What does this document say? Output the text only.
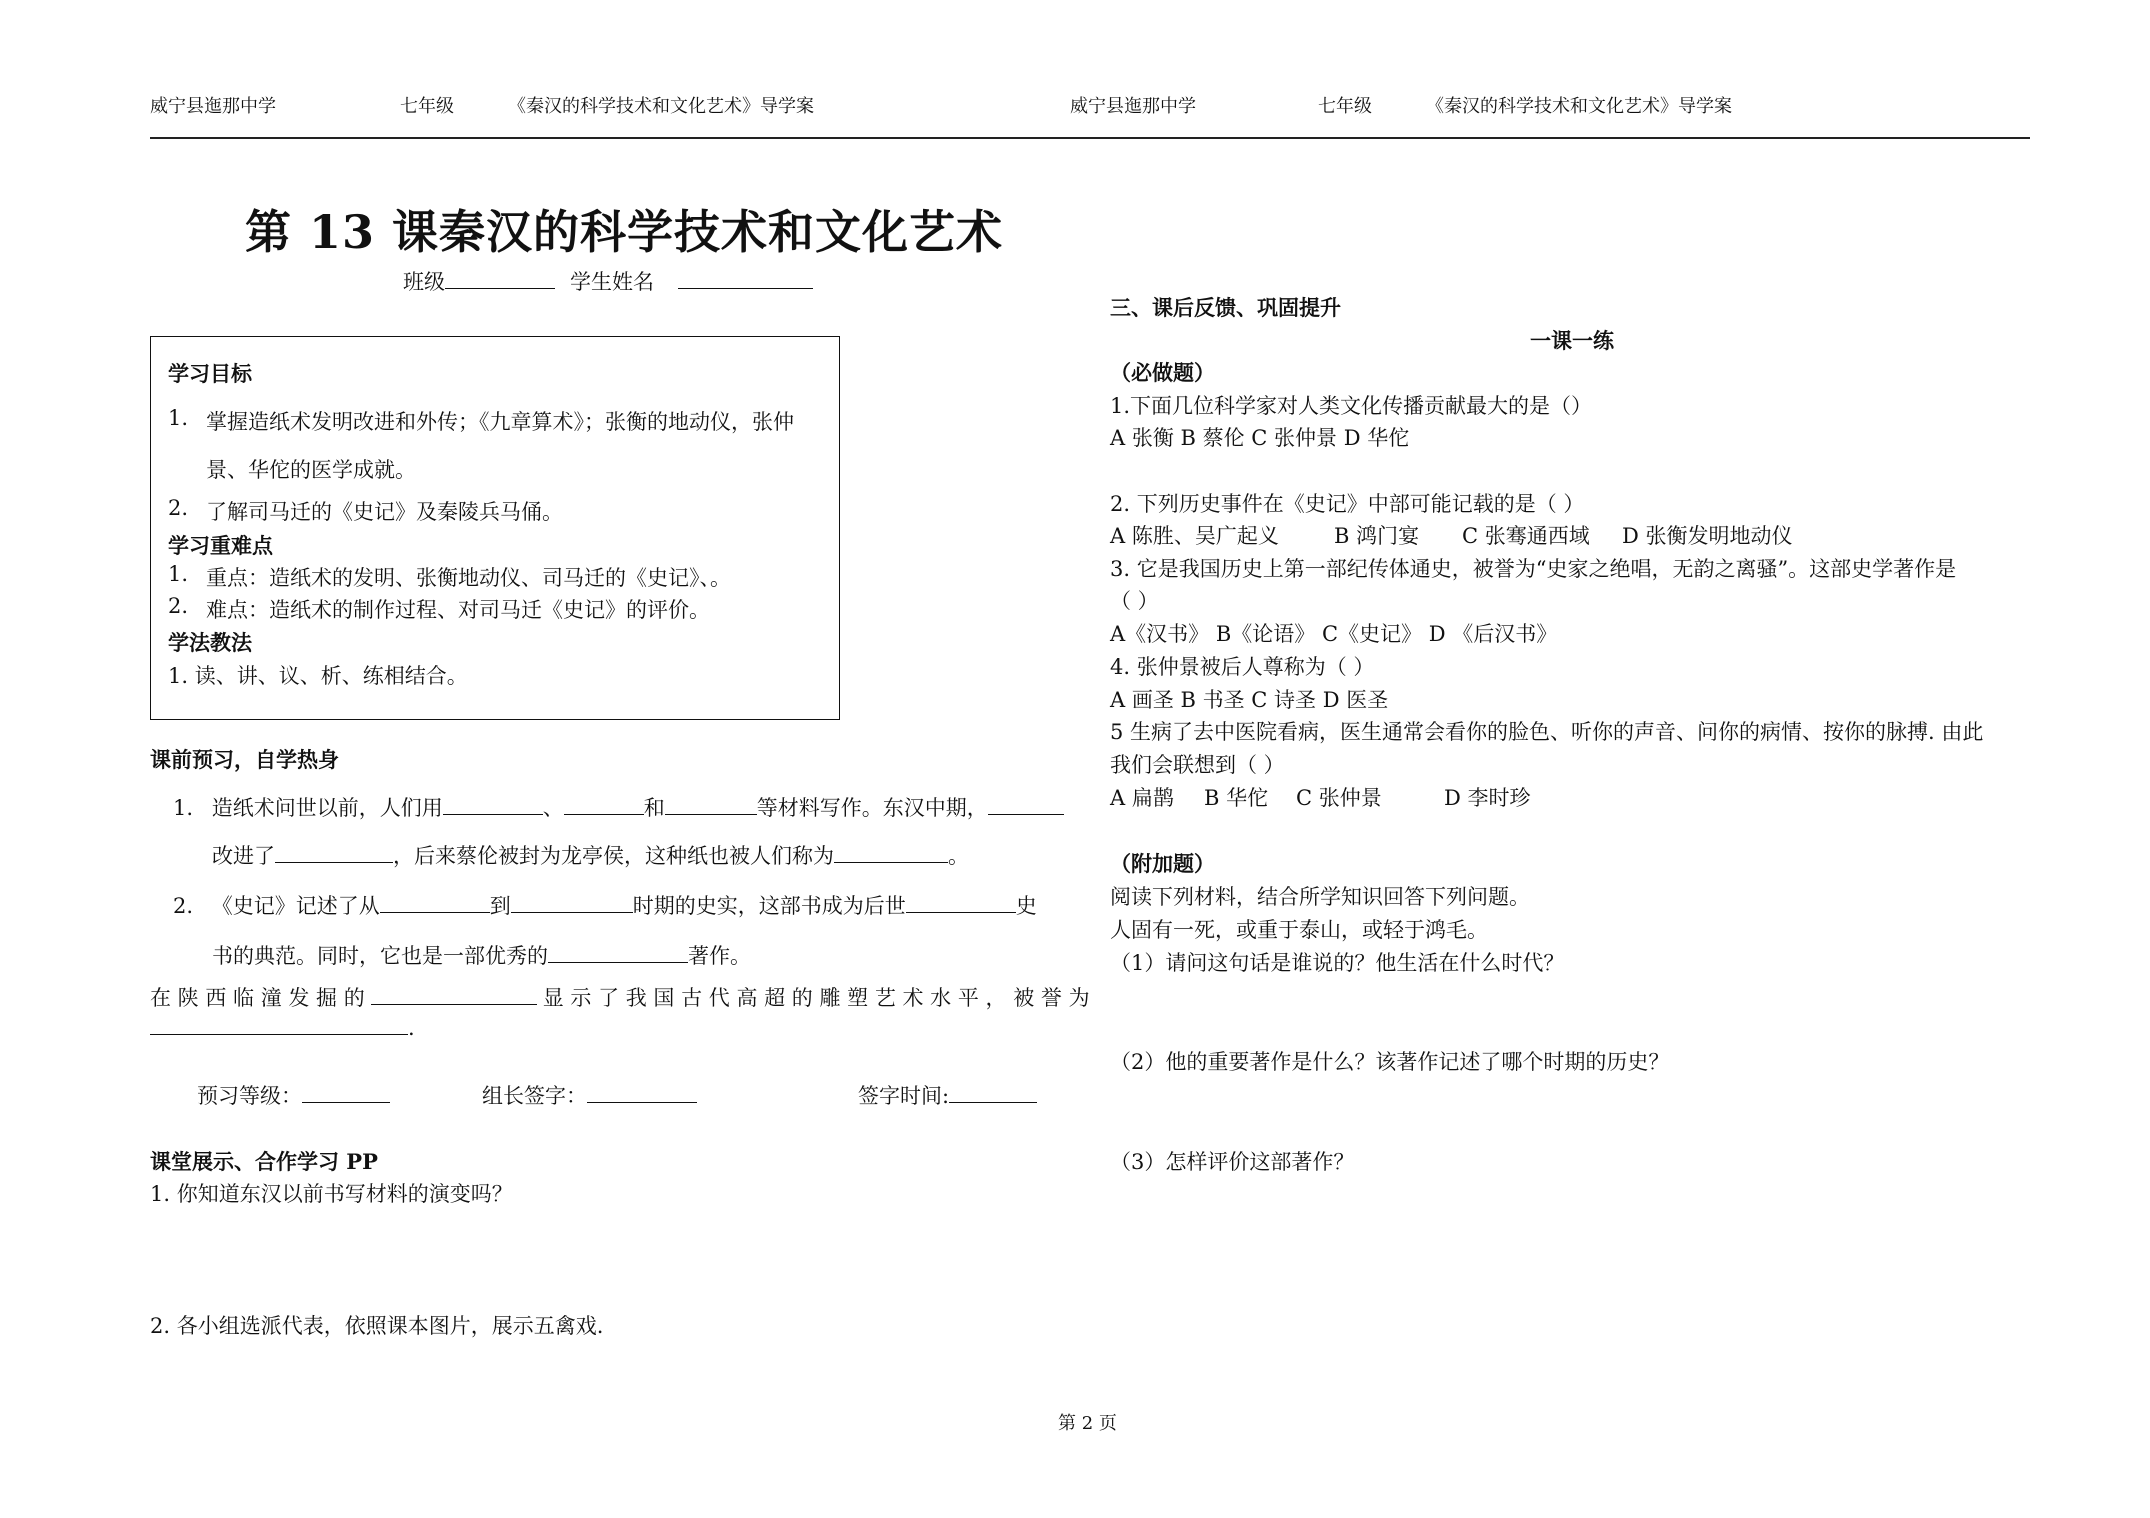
威宁县迤那中学	七年级	《秦汉的科学技术和文化艺术》导学案	威宁县迤那中学	七年级	《秦汉的科学技术和文化艺术》导学案
第 13 课秦汉的科学技术和文化艺术
班级	学生姓名
学习目标
1. 掌握造纸术发明改进和外传；《九章算术》；张衡的地动仪，张仲
景、华佗的医学成就。
2. 了解司马迁的《史记》及秦陵兵马俑。
学习重难点
1. 重点：造纸术的发明、张衡地动仪、司马迁的《史记》、。
2. 难点：造纸术的制作过程、对司马迁《史记》的评价。
学法教法
1. 读、讲、议、析、练相结合。
课前预习，自学热身
1. 造纸术问世以前，人们用	、	和	等材料写作。东汉中期，
改进了	，后来蔡伦被封为龙亭侯，这种纸也被人们称为	。
2. 《史记》记述了从	到	时期的史实，这部书成为后世	史
书的典范。同时，它也是一部优秀的	著作。
在 陕 西 临 潼 发 掘 的	显 示 了 我 国 古 代 高 超 的 雕 塑 艺 术 水 平 ， 被 誉 为
.
预习等级：	组长签字：	签字时间:
课堂展示、合作学习 PP
1. 你知道东汉以前书写材料的演变吗？
2. 各小组选派代表，依照课本图片，展示五禽戏.
三、课后反馈、巩固提升
一课一练
（必做题）
1.下面几位科学家对人类文化传播贡献最大的是（）
A 张衡 B 蔡伦 C 张仲景 D 华佗
2. 下列历史事件在《史记》中部可能记载的是（ ）
A 陈胜、吴广起义	B 鸿门宴 C 张骞通西域 D 张衡发明地动仪
3. 它是我国历史上第一部纪传体通史，被誉为“史家之绝唱，无韵之离骚”。这部史学著作是
（ ）
A《汉书》 B《论语》 C《史记》 D 《后汉书》
4. 张仲景被后人尊称为（ ）
A 画圣 B 书圣 C 诗圣 D 医圣
5 生病了去中医院看病，医生通常会看你的脸色、听你的声音、问你的病情、按你的脉搏. 由此
我们会联想到（ ）
A 扁鹊 B 华佗 C 张仲景	D 李时珍
（附加题）
阅读下列材料，结合所学知识回答下列问题。
人固有一死，或重于泰山，或轻于鸿毛。
（1）请问这句话是谁说的？他生活在什么时代？
（2）他的重要著作是什么？该著作记述了哪个时期的历史？
（3）怎样评价这部著作？
第 2 页
